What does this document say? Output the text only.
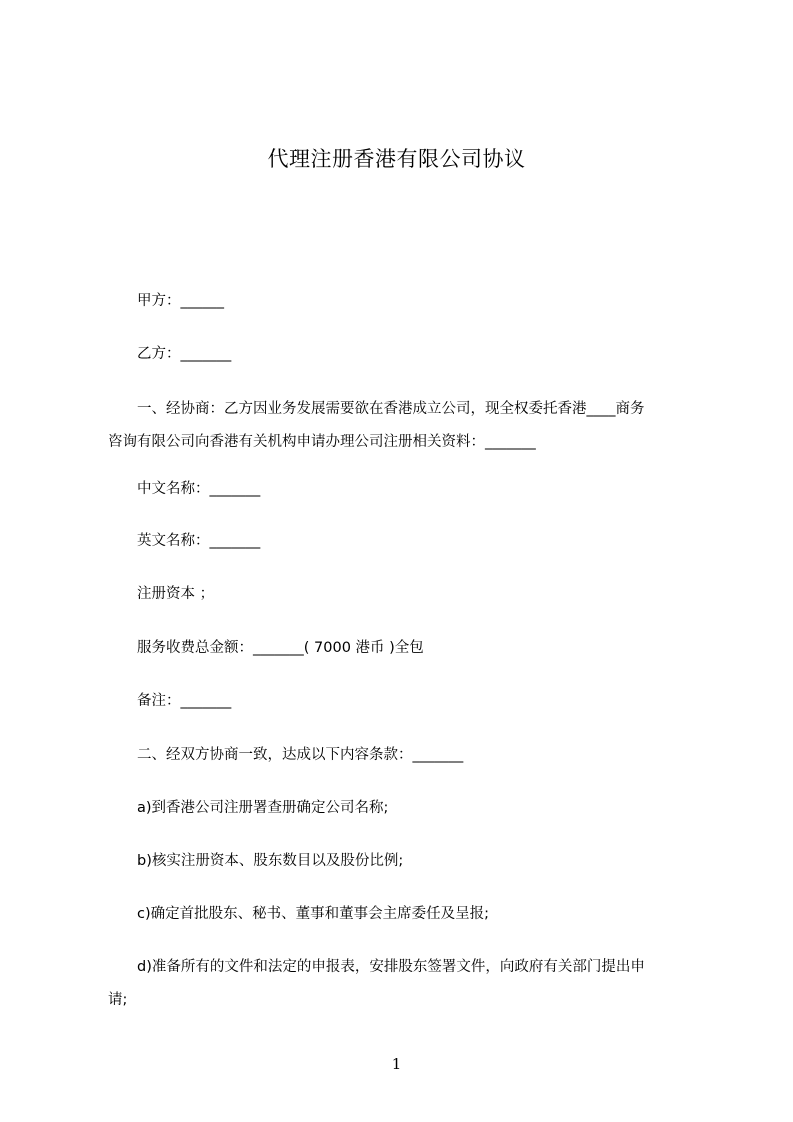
代理注册香港有限公司协议
甲方：______
乙方：_______
一、经协商：乙方因业务发展需要欲在香港成立公司，现全权委托香港____商务
咨询有限公司向香港有关机构申请办理公司注册相关资料：_______
中文名称：_______
英文名称：_______
注册资本 ；
服务收费总金额：_______( 7000 港币 )全包
备注：_______
二、经双方协商一致，达成以下内容条款：_______
a)到香港公司注册署查册确定公司名称;
b)核实注册资本、股东数目以及股份比例;
c)确定首批股东、秘书、董事和董事会主席委任及呈报;
d)准备所有的文件和法定的申报表，安排股东签署文件，向政府有关部门提出申
请;
1
